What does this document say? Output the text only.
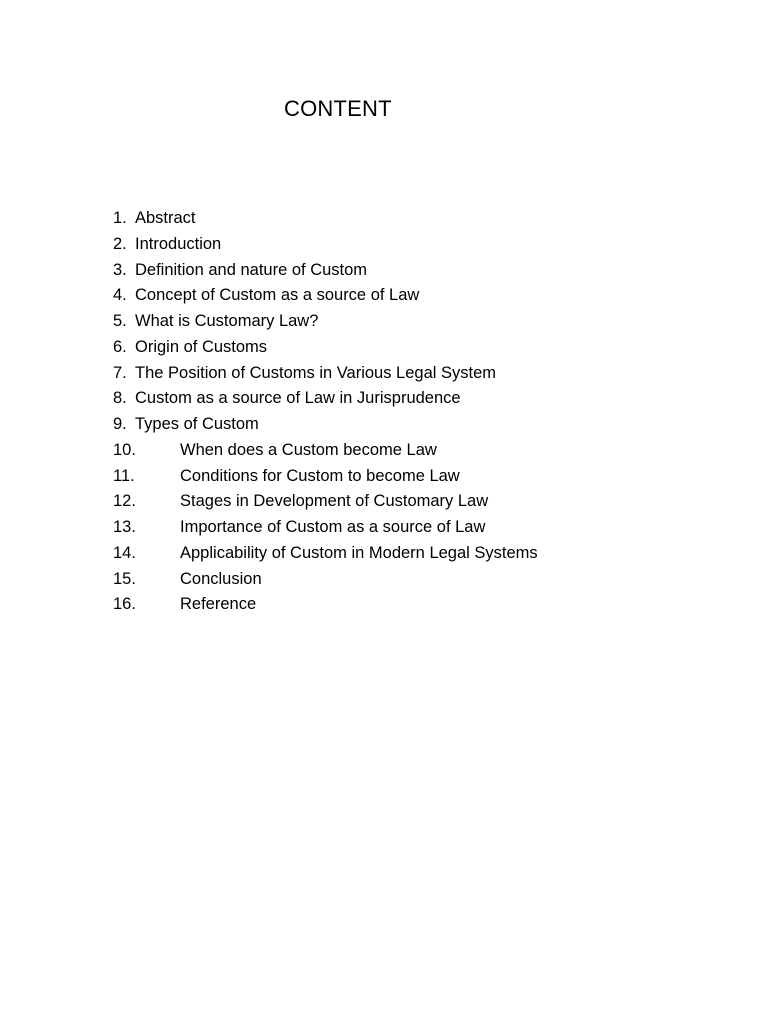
CONTENT
1. Abstract
2. Introduction
3. Definition and nature of Custom
4. Concept of Custom as a source of Law
5. What is Customary Law?
6. Origin of Customs
7. The Position of Customs in Various Legal System
8. Custom as a source of Law in Jurisprudence
9. Types of Custom
10.	When does a Custom become Law
11.	Conditions for Custom to become Law
12.	Stages in Development of Customary Law
13.	Importance of Custom as a source of Law
14.	Applicability of Custom in Modern Legal Systems
15.	Conclusion
16.	Reference
